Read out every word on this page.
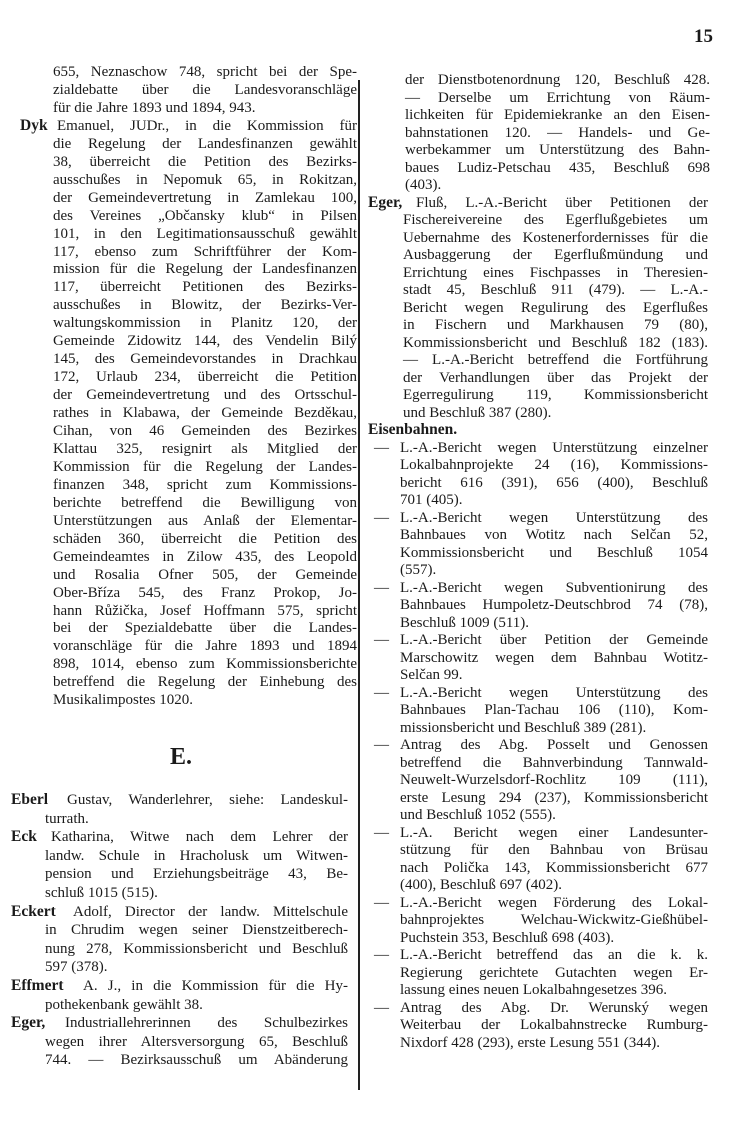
15
E.
655, Neznaschow 748, spricht bei der Spe-
zialdebatte über die Landesvoranschläge
für die Jahre 1893 und 1894, 943.
Dyk Emanuel, JUDr., in die Kommission für
die Regelung der Landesfinanzen gewählt
38, überreicht die Petition des Bezirks-
ausschußes in Nepomuk 65, in Rokitzan,
der Gemeindevertretung in Zamlekau 100,
des Vereines „Občansky klub“ in Pilsen
101, in den Legitimationsausschuß gewählt
117, ebenso zum Schriftführer der Kom-
mission für die Regelung der Landesfinanzen
117, überreicht Petitionen des Bezirks-
ausschußes in Blowitz, der Bezirks-Ver-
waltungskommission in Planitz 120, der
Gemeinde Zidowitz 144, des Vendelin Bilý
145, des Gemeindevorstandes in Drachkau
172, Urlaub 234, überreicht die Petition
der Gemeindevertretung und des Ortsschul-
rathes in Klabawa, der Gemeinde Bezděkau,
Cihan, von 46 Gemeinden des Bezirkes
Klattau 325, resignirt als Mitglied der
Kommission für die Regelung der Landes-
finanzen 348, spricht zum Kommissions-
berichte betreffend die Bewilligung von
Unterstützungen aus Anlaß der Elementar-
schäden 360, überreicht die Petition des
Gemeindeamtes in Zilow 435, des Leopold
und Rosalia Ofner 505, der Gemeinde
Ober-Bříza 545, des Franz Prokop, Jo-
hann Růžička, Josef Hoffmann 575, spricht
bei der Spezialdebatte über die Landes-
voranschläge für die Jahre 1893 und 1894
898, 1014, ebenso zum Kommissionsberichte
betreffend die Regelung der Einhebung des
Musikalimpostes 1020.
Eberl Gustav, Wanderlehrer, siehe: Landeskul-
turrath.
Eck Katharina, Witwe nach dem Lehrer der
landw. Schule in Hracholusk um Witwen-
pension und Erziehungsbeiträge 43, Be-
schluß 1015 (515).
Eckert Adolf, Director der landw. Mittelschule
in Chrudim wegen seiner Dienstzeitberech-
nung 278, Kommissionsbericht und Beschluß
597 (378).
Effmert A. J., in die Kommission für die Hy-
pothekenbank gewählt 38.
Eger, Industriallehrerinnen des Schulbezirkes
wegen ihrer Altersversorgung 65, Beschluß
744. — Bezirksausschuß um Abänderung
der Dienstbotenordnung 120, Beschluß 428.
— Derselbe um Errichtung von Räum-
lichkeiten für Epidemiekranke an den Eisen-
bahnstationen 120. — Handels- und Ge-
werbekammer um Unterstützung des Bahn-
baues Ludiz-Petschau 435, Beschluß 698
(403).
Eger, Fluß, L.-A.-Bericht über Petitionen der
Fischereivereine des Egerflußgebietes um
Uebernahme des Kostenerfordernisses für die
Ausbaggerung der Egerflußmündung und
Errichtung eines Fischpasses in Theresien-
stadt 45, Beschluß 911 (479). — L.-A.-
Bericht wegen Regulirung des Egerflußes
in Fischern und Markhausen 79 (80),
Kommissionsbericht und Beschluß 182 (183).
— L.-A.-Bericht betreffend die Fortführung
der Verhandlungen über das Projekt der
Egerregulirung 119, Kommissionsbericht
und Beschluß 387 (280).
Eisenbahnen.
— L.-A.-Bericht wegen Unterstützung einzelner
Lokalbahnprojekte 24 (16), Kommissions-
bericht 616 (391), 656 (400), Beschluß
701 (405).
— L.-A.-Bericht wegen Unterstützung des
Bahnbaues von Wotitz nach Selčan 52,
Kommissionsbericht und Beschluß 1054
(557).
— L.-A.-Bericht wegen Subventionirung des
Bahnbaues Humpoletz-Deutschbrod 74 (78),
Beschluß 1009 (511).
— L.-A.-Bericht über Petition der Gemeinde
Marschowitz wegen dem Bahnbau Wotitz-
Selčan 99.
— L.-A.-Bericht wegen Unterstützung des
Bahnbaues Plan-Tachau 106 (110), Kom-
missionsbericht und Beschluß 389 (281).
— Antrag des Abg. Posselt und Genossen
betreffend die Bahnverbindung Tannwald-
Neuwelt-Wurzelsdorf-Rochlitz 109 (111),
erste Lesung 294 (237), Kommissionsbericht
und Beschluß 1052 (555).
— L.-A. Bericht wegen einer Landesunter-
stützung für den Bahnbau von Brüsau
nach Polička 143, Kommissionsbericht 677
(400), Beschluß 697 (402).
— L.-A.-Bericht wegen Förderung des Lokal-
bahnprojektes Welchau-Wickwitz-Gießhübel-
Puchstein 353, Beschluß 698 (403).
— L.-A.-Bericht betreffend das an die k. k.
Regierung gerichtete Gutachten wegen Er-
lassung eines neuen Lokalbahngesetzes 396.
— Antrag des Abg. Dr. Werunský wegen
Weiterbau der Lokalbahnstrecke Rumburg-
Nixdorf 428 (293), erste Lesung 551 (344).
